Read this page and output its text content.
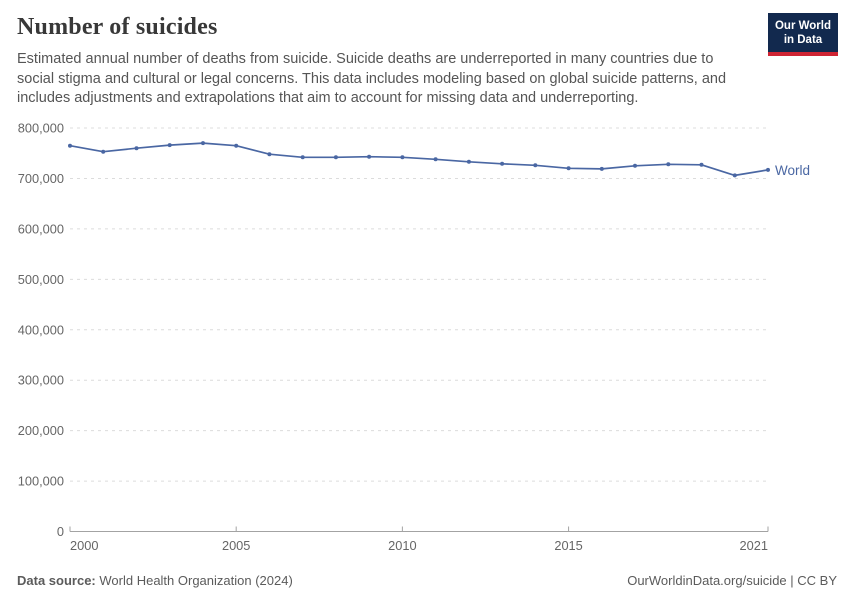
Number of suicides

Estimated annual number of deaths from suicide. Suicide deaths are underreported in many countries due to
social stigma and cultural or legal concerns. This data includes modeling based on global suicide patterns, and
includes adjustments and extrapolations that aim to account for missing data and underreporting.

Our World
in Data
0
100,000
200,000
300,000
400,000
500,000
600,000
700,000
800,000
2000	2005	2010	2015	2021
World
Data source: World Health Organization (2024)	OurWorldinData.org/suicide | CC BY
